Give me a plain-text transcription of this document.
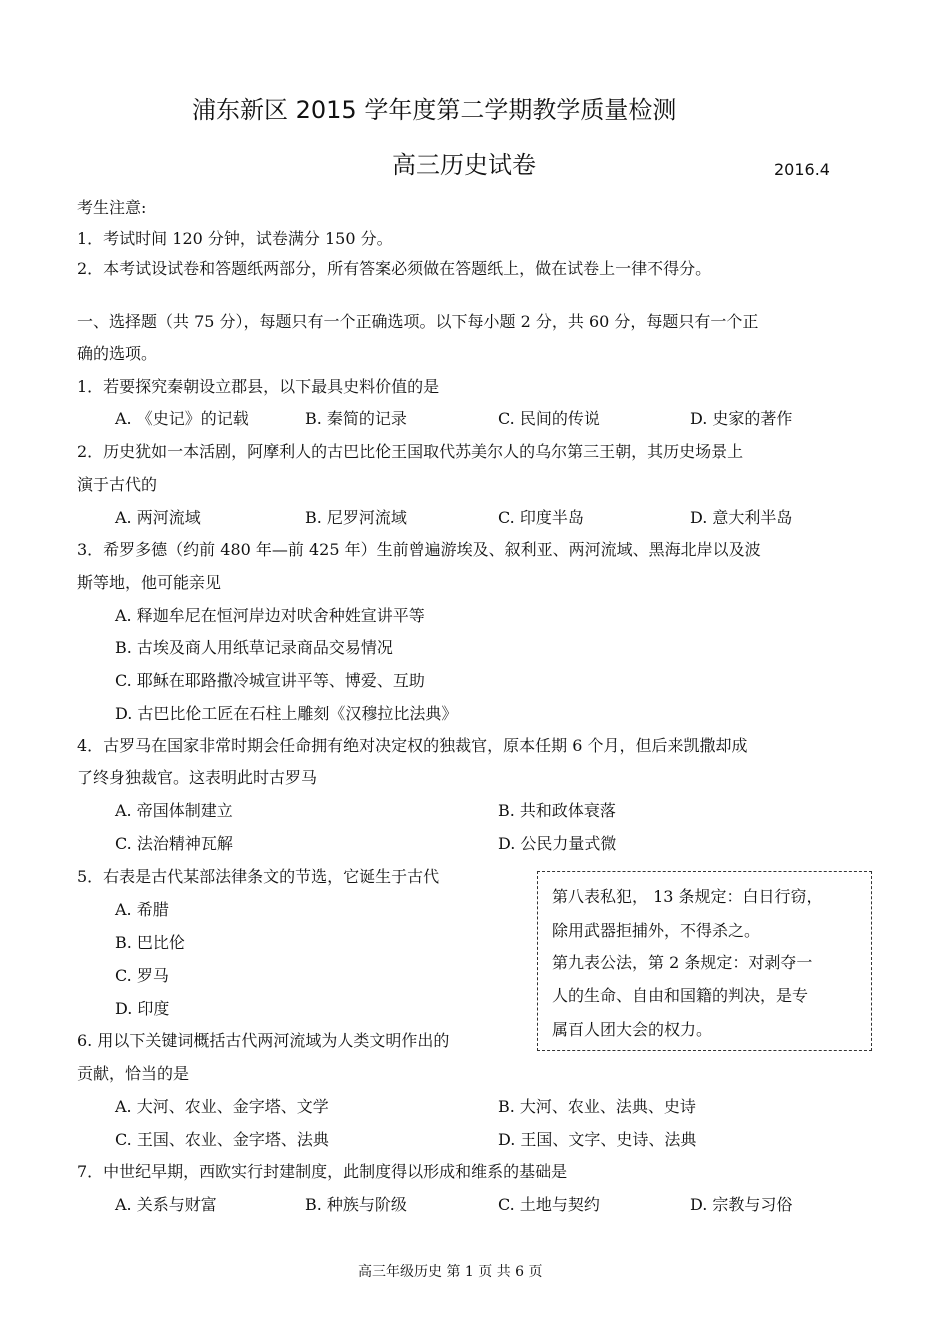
浦东新区 2015 学年度第二学期教学质量检测
高三历史试卷	2016.4
考生注意:
1．考试时间 120 分钟，试卷满分 150 分。
2．本考试设试卷和答题纸两部分，所有答案必须做在答题纸上，做在试卷上一律不得分。
一、选择题（共 75 分），每题只有一个正确选项。以下每小题 2 分，共 60 分，每题只有一个正
确的选项。
1．若要探究秦朝设立郡县，以下最具史料价值的是
A. 《史记》的记载	B. 秦简的记录	C. 民间的传说	D. 史家的著作
2．历史犹如一本活剧，阿摩利人的古巴比伦王国取代苏美尔人的乌尔第三王朝，其历史场景上
演于古代的
A. 两河流域	B. 尼罗河流域	C. 印度半岛	D. 意大利半岛
3．希罗多德（约前 480 年—前 425 年）生前曾遍游埃及、叙利亚、两河流域、黑海北岸以及波
斯等地，他可能亲见
A. 释迦牟尼在恒河岸边对吠舍种姓宣讲平等
B. 古埃及商人用纸草记录商品交易情况
C. 耶稣在耶路撒冷城宣讲平等、博爱、互助
D. 古巴比伦工匠在石柱上雕刻《汉穆拉比法典》
4．古罗马在国家非常时期会任命拥有绝对决定权的独裁官，原本任期 6 个月，但后来凯撒却成
了终身独裁官。这表明此时古罗马
A. 帝国体制建立	B. 共和政体衰落
C. 法治精神瓦解	D. 公民力量式微
5．右表是古代某部法律条文的节选，它诞生于古代
A. 希腊
B. 巴比伦
C. 罗马
D. 印度
第八表私犯， 13 条规定：白日行窃，
除用武器拒捕外，不得杀之。
第九表公法，第 2 条规定：对剥夺一
人的生命、自由和国籍的判决，是专
属百人团大会的权力。
6. 用以下关键词概括古代两河流域为人类文明作出的
贡献，恰当的是
A. 大河、农业、金字塔、文学	B. 大河、农业、法典、史诗
C. 王国、农业、金字塔、法典	D. 王国、文字、史诗、法典
7．中世纪早期，西欧实行封建制度，此制度得以形成和维系的基础是
A. 关系与财富	B. 种族与阶级	C. 土地与契约	D. 宗教与习俗
高三年级历史 第 1 页 共 6 页
